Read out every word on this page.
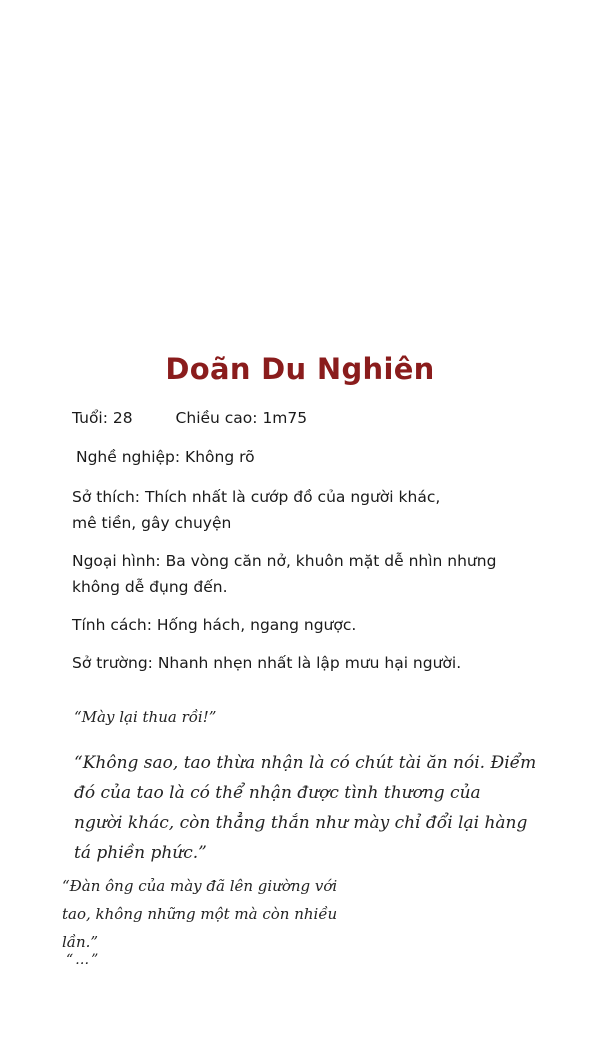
Doãn Du Nghiên
Tuổi: 28	Chiều cao: 1m75
Nghề nghiệp: Không rõ
Sở thích: Thích nhất là cướp đồ của người khác,
mê tiền, gây chuyện
Ngoại hình: Ba vòng căn nở, khuôn mặt dễ nhìn nhưng
không dễ đụng đến.
Tính cách: Hống hách, ngang ngược.
Sở trường: Nhanh nhẹn nhất là lập mưu hại người.
“Mày lại thua rồi!”
“Không sao, tao thừa nhận là có chút tài ăn nói. Điểm
đó của tao là có thể nhận được tình thương của
người khác, còn thẳng thắn như mày chỉ đổi lại hàng
tá phiền phức.”
“Đàn ông của mày đã lên giường với
tao, không những một mà còn nhiều
lần.”
“…”
